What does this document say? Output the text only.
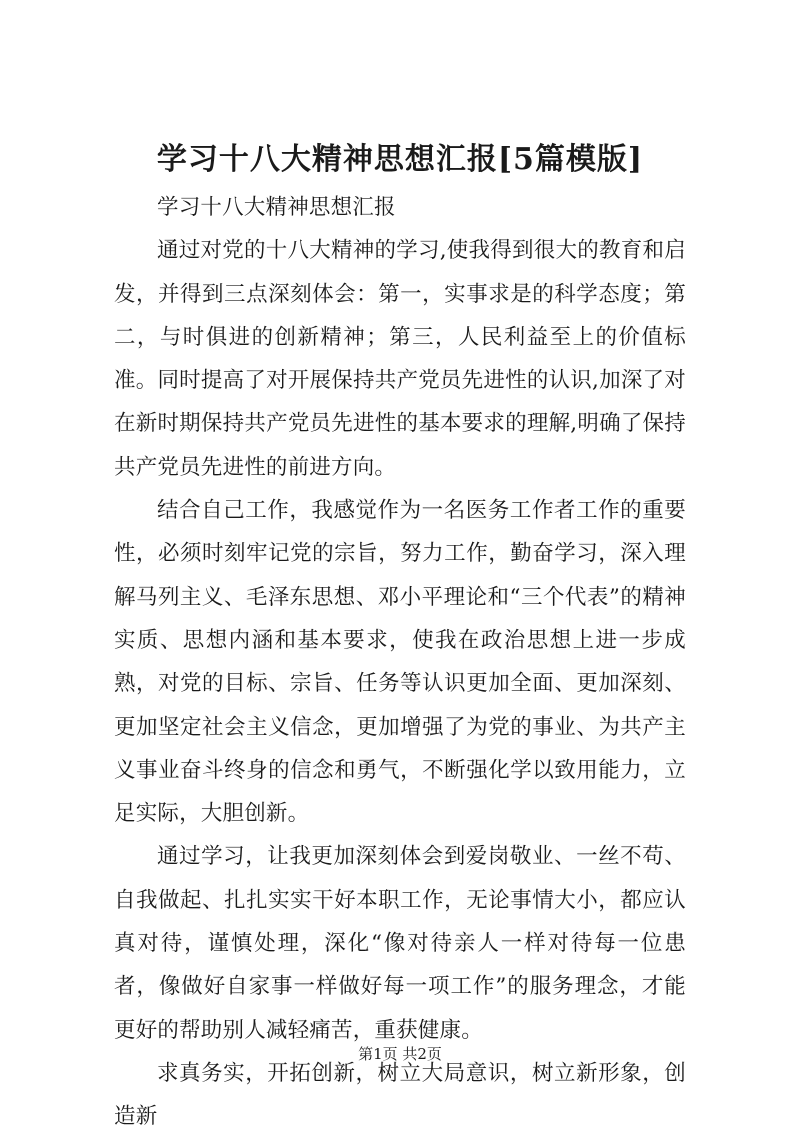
学习十八大精神思想汇报[5篇模版]

学习十八大精神思想汇报

通过对党的十八大精神的学习,使我得到很大的教育和启发，并得到三点深刻体会：第一，实事求是的科学态度；第二，与时俱进的创新精神；第三，人民利益至上的价值标准。同时提高了对开展保持共产党员先进性的认识,加深了对在新时期保持共产党员先进性的基本要求的理解,明确了保持共产党员先进性的前进方向。

结合自己工作，我感觉作为一名医务工作者工作的重要性，必须时刻牢记党的宗旨，努力工作，勤奋学习，深入理解马列主义、毛泽东思想、邓小平理论和“三个代表”的精神实质、思想内涵和基本要求，使我在政治思想上进一步成熟，对党的目标、宗旨、任务等认识更加全面、更加深刻、更加坚定社会主义信念，更加增强了为党的事业、为共产主义事业奋斗终身的信念和勇气，不断强化学以致用能力，立足实际，大胆创新。

通过学习，让我更加深刻体会到爱岗敬业、一丝不苟、自我做起、扎扎实实干好本职工作，无论事情大小，都应认真对待，谨慎处理，深化“像对待亲人一样对待每一位患者，像做好自家事一样做好每一项工作”的服务理念，才能更好的帮助别人减轻痛苦，重获健康。

求真务实，开拓创新，树立大局意识，树立新形象，创造新

第1页 共2页
